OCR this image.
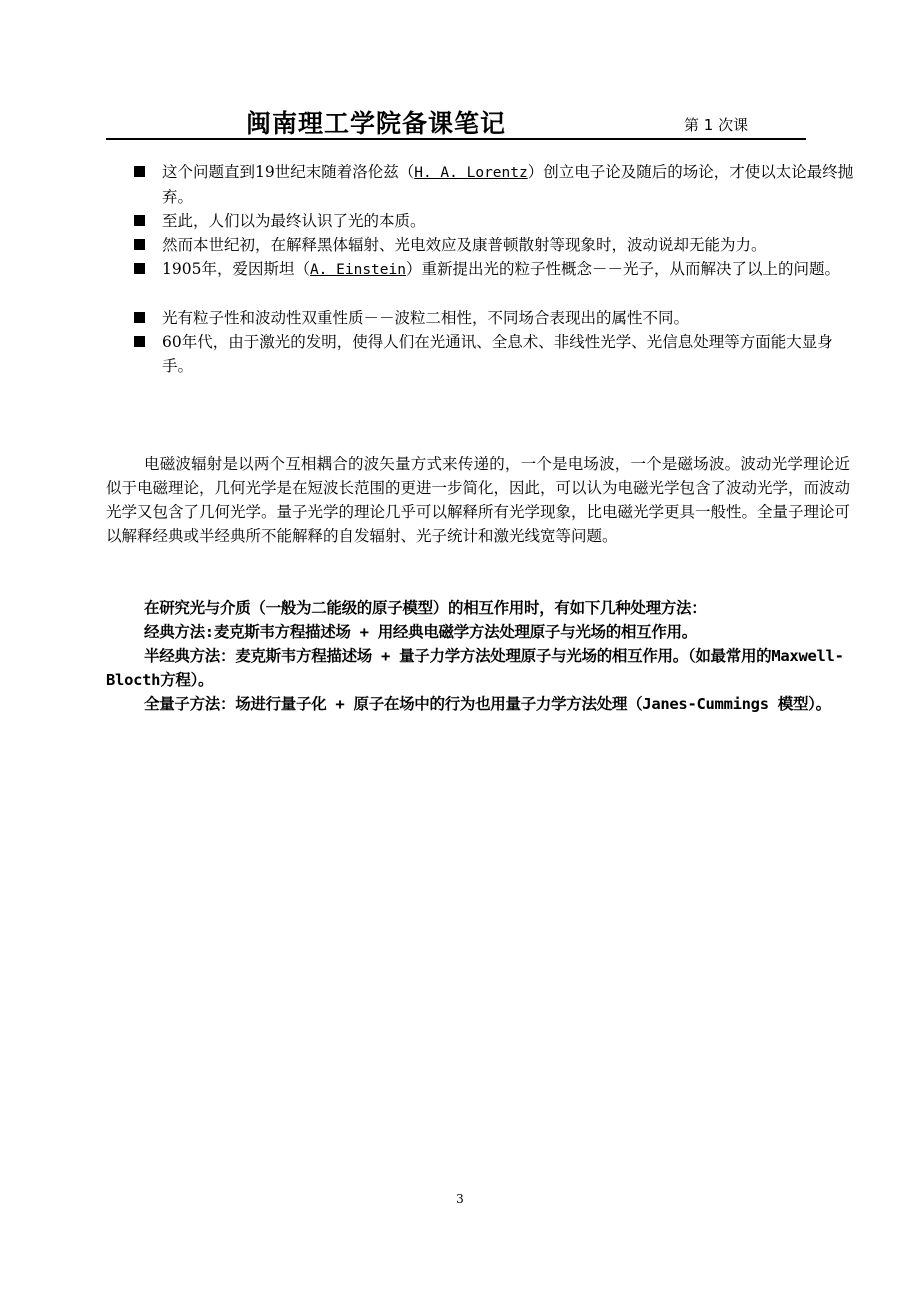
闽南理工学院备课笔记	第 1 次课
这个问题直到19世纪末随着洛伦兹（H. A. Lorentz）创立电子论及随后的场论，才使以太论最终抛弃。
至此，人们以为最终认识了光的本质。
然而本世纪初，在解释黑体辐射、光电效应及康普顿散射等现象时，波动说却无能为力。
1905年，爱因斯坦（A. Einstein）重新提出光的粒子性概念－－光子，从而解决了以上的问题。
光有粒子性和波动性双重性质－－波粒二相性，不同场合表现出的属性不同。
60年代，由于激光的发明，使得人们在光通讯、全息术、非线性光学、光信息处理等方面能大显身手。

电磁波辐射是以两个互相耦合的波矢量方式来传递的，一个是电场波，一个是磁场波。波动光学理论近似于电磁理论，几何光学是在短波长范围的更进一步简化，因此，可以认为电磁光学包含了波动光学，而波动光学又包含了几何光学。量子光学的理论几乎可以解释所有光学现象，比电磁光学更具一般性。全量子理论可以解释经典或半经典所不能解释的自发辐射、光子统计和激光线宽等问题。

在研究光与介质（一般为二能级的原子模型）的相互作用时，有如下几种处理方法：

经典方法:麦克斯韦方程描述场 + 用经典电磁学方法处理原子与光场的相互作用。

半经典方法：麦克斯韦方程描述场 + 量子力学方法处理原子与光场的相互作用。（如最常用的Maxwell-Blocth方程）。

全量子方法：场进行量子化 + 原子在场中的行为也用量子力学方法处理（Janes-Cummings 模型）。

3
